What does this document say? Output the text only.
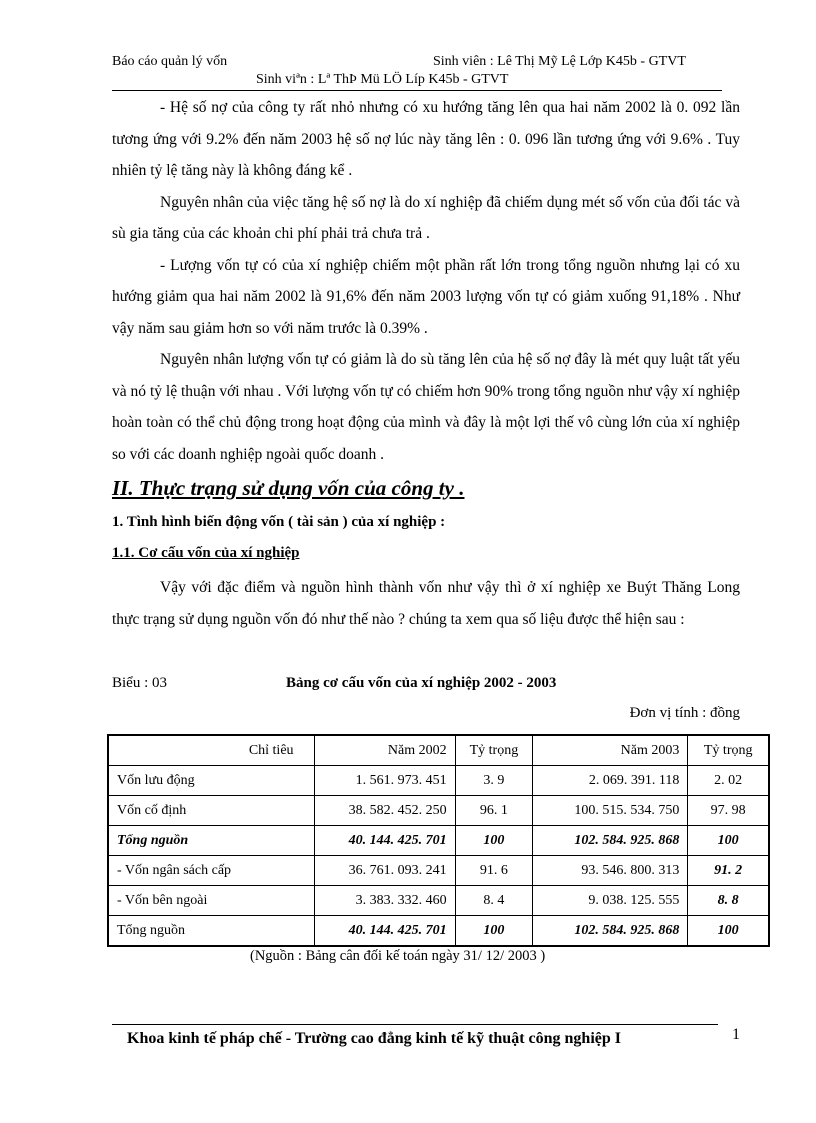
Báo cáo quản lý vốn	Sinh viên : Lê Thị Mỹ Lệ Lớp K45b - GTVT
Sinh viªn : Lª ThÞ Mü LÖ Líp K45b - GTVT

- Hệ số nợ của công ty rất nhỏ nhưng có xu hướng tăng lên qua hai năm 2002 là 0. 092 lần tương ứng với 9.2% đến năm 2003 hệ số nợ lúc này tăng lên : 0. 096 lần tương ứng với 9.6% . Tuy nhiên tỷ lệ tăng này là không đáng kể .

Nguyên nhân của việc tăng hệ số nợ là do xí nghiệp đã chiếm dụng mét số vốn của đối tác và sù gia tăng của các khoản chi phí phải trả chưa trả .

- Lượng vốn tự có của xí nghiệp chiếm một phần rất lớn trong tổng nguồn nhưng lại có xu hướng giảm qua hai năm 2002 là 91,6% đến năm 2003 lượng vốn tự có giảm xuống 91,18% . Như vậy năm sau giảm hơn so với năm trước là 0.39% .

Nguyên nhân lượng vốn tự có giảm là do sù tăng lên của hệ số nợ đây là mét quy luật tất yếu và nó tỷ lệ thuận với nhau . Với lượng vốn tự có chiếm hơn 90% trong tổng nguồn như vậy xí nghiệp hoàn toàn có thể chủ động trong hoạt động của mình và đây là một lợi thế vô cùng lớn của xí nghiệp so với các doanh nghiệp ngoài quốc doanh .

II. Thực trạng sử dụng vốn của công ty .
1. Tình hình biến động vốn ( tài sản ) của xí nghiệp :
1.1. Cơ cấu vốn của xí nghiệp

Vậy với đặc điểm và nguồn hình thành vốn như vậy thì ở xí nghiệp xe Buýt Thăng Long thực trạng sử dụng nguồn vốn đó như thế nào ? chúng ta xem qua số liệu được thể hiện sau :

Biểu : 03	Bảng cơ cấu vốn của xí nghiệp 2002 - 2003
Đơn vị tính : đồng
Chỉ tiêu	Năm 2002	Tỷ trọng	Năm 2003	Tỷ trọng
Vốn lưu động	1. 561. 973. 451	3. 9	2. 069. 391. 118	2. 02
Vốn cố định	38. 582. 452. 250	96. 1	100. 515. 534. 750	97. 98
Tổng nguồn	40. 144. 425. 701	100	102. 584. 925. 868	100
- Vốn ngân sách cấp	36. 761. 093. 241	91. 6	93. 546. 800. 313	91. 2
- Vốn bên ngoài	3. 383. 332. 460	8. 4	9. 038. 125. 555	8. 8
Tổng nguồn	40. 144. 425. 701	100	102. 584. 925. 868	100
(Nguồn : Bảng cân đối kế toán ngày 31/ 12/ 2003 )
Khoa kinh tế pháp chế - Trường cao đẳng kinh tế kỹ thuật công nghiệp I	1
